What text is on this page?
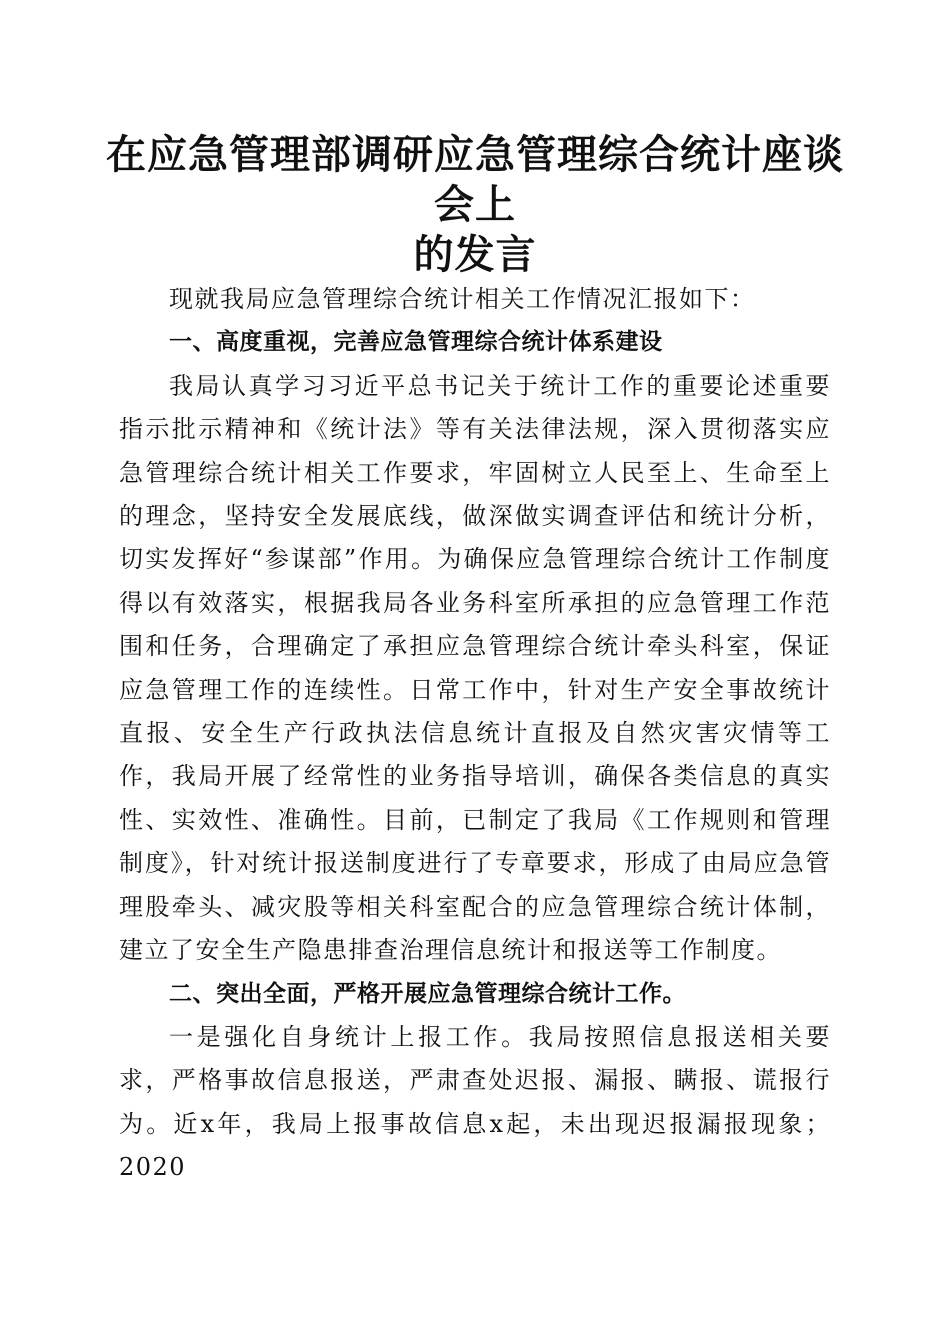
在应急管理部调研应急管理综合统计座谈会上
的发言

现就我局应急管理综合统计相关工作情况汇报如下：

一、高度重视，完善应急管理综合统计体系建设

我局认真学习习近平总书记关于统计工作的重要论述重要指示批示精神和《统计法》等有关法律法规，深入贯彻落实应急管理综合统计相关工作要求，牢固树立人民至上、生命至上的理念，坚持安全发展底线，做深做实调查评估和统计分析，切实发挥好“参谋部”作用。为确保应急管理综合统计工作制度得以有效落实，根据我局各业务科室所承担的应急管理工作范围和任务，合理确定了承担应急管理综合统计牵头科室，保证应急管理工作的连续性。日常工作中，针对生产安全事故统计直报、安全生产行政执法信息统计直报及自然灾害灾情等工作，我局开展了经常性的业务指导培训，确保各类信息的真实性、实效性、准确性。目前，已制定了我局《工作规则和管理制度》，针对统计报送制度进行了专章要求，形成了由局应急管理股牵头、减灾股等相关科室配合的应急管理综合统计体制，建立了安全生产隐患排查治理信息统计和报送等工作制度。

二、突出全面，严格开展应急管理综合统计工作。

一是强化自身统计上报工作。我局按照信息报送相关要求，严格事故信息报送，严肃查处迟报、漏报、瞒报、谎报行为。近x年，我局上报事故信息x起，未出现迟报漏报现象；2020
